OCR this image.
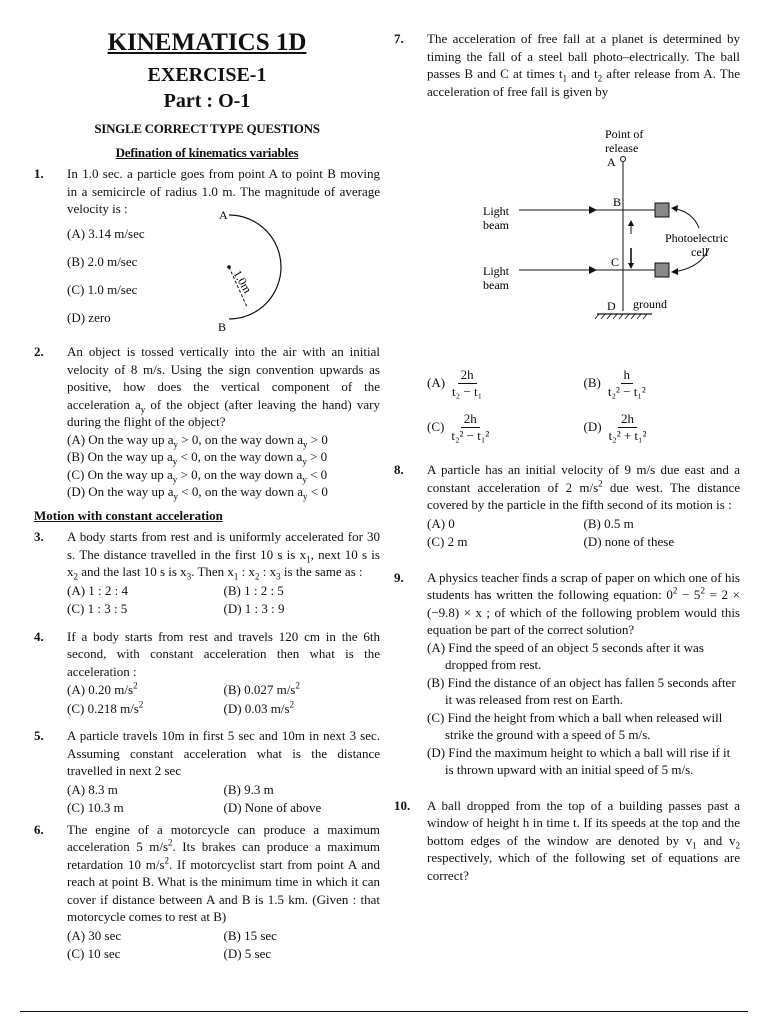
KINEMATICS 1D
EXERCISE-1
Part : O-1
SINGLE CORRECT TYPE QUESTIONS
Defination of kinematics variables
1. In 1.0 sec. a particle goes from point A to point B moving in a semicircle of radius 1.0 m. The magnitude of average velocity is :
(A) 3.14 m/sec
(B) 2.0 m/sec
(C) 1.0 m/sec
(D) zero
A
B
1.0m
2. An object is tossed vertically into the air with an initial velocity of 8 m/s. Using the sign convention upwards as positive, how does the vertical component of the acceleration $a_y$ of the object (after leaving the hand) vary during the flight of the object?
(A) On the way up $a_y > 0$, on the way down $a_y > 0$
(B) On the way up $a_y < 0$, on the way down $a_y > 0$
(C) On the way up $a_y > 0$, on the way down $a_y < 0$
(D) On the way up $a_y < 0$, on the way down $a_y < 0$
Motion with constant acceleration
3. A body starts from rest and is uniformly accelerated for 30 s. The distance travelled in the first 10 s is $x_1$, next 10 s is $x_2$ and the last 10 s is $x_3$. Then $x_1$ : $x_2$ : $x_3$ is the same as :
(A) 1 : 2 : 4	(B) 1 : 2 : 5
(C) 1 : 3 : 5	(D) 1 : 3 : 9
4. If a body starts from rest and travels 120 cm in the 6th second, with constant acceleration then what is the acceleration :
(A) 0.20 $m/s^2$	(B) 0.027 $m/s^2$
(C) 0.218 $m/s^2$	(D) 0.03 $m/s^2$
5. A particle travels 10m in first 5 sec and 10m in next 3 sec. Assuming constant acceleration what is the distance travelled in next 2 sec
(A) 8.3 m	(B) 9.3 m
(C) 10.3 m	(D) None of above
6. The engine of a motorcycle can produce a maximum acceleration 5 $m/s^2$. Its brakes can produce a maximum retardation 10 $m/s^2$. If motorcyclist start from point A and reach at point B. What is the minimum time in which it can cover if distance between A and B is 1.5 km. (Given : that motorcycle comes to rest at B)
(A) 30 sec	(B) 15 sec
(C) 10 sec	(D) 5 sec
7. The acceleration of free fall at a planet is determined by timing the fall of a steel ball photo–electrically. The ball passes B and C at times $t_1$ and $t_2$ after release from A. The acceleration of free fall is given by
Point of
release
A
D ground
Light
beam
Light
beam
B
C
Photoelectric
cell
$(A) \frac{2h}{\text{t₂ − t₁}}$	$(B) \frac{h}{\text{t₂² − t₁²}}$
$(C) \frac{2h}{\text{t₂² − t₁²}}$	$(D) \frac{2h}{\text{t₂² + t₁²}}$
8. A particle has an initial velocity of 9 m/s due east and a constant acceleration of 2 $m/s^2$ due west. The distance covered by the particle in the fifth second of its motion is :
(A) 0	(B) 0.5 m
(C) 2 m	(D) none of these
9. A physics teacher finds a scrap of paper on which one of his students has written the following equation: $0^2 - 5^2 = 2 \times (-9.8) \times x$ ; of which of the following problem would this equation be part of the correct solution?
(A) Find the speed of an object 5 seconds after it was dropped from rest.
(B) Find the distance of an object has fallen 5 seconds after it was released from rest on Earth.
(C) Find the height from which a ball when released will strike the ground with a speed of 5 m/s.
(D) Find the maximum height to which a ball will rise if it is thrown upward with an initial speed of 5 m/s.
10. A ball dropped from the top of a building passes past a window of height h in time t. If its speeds at the top and the bottom edges of the window are denoted by $v_1$ and $v_2$ respectively, which of the following set of equations are correct?
